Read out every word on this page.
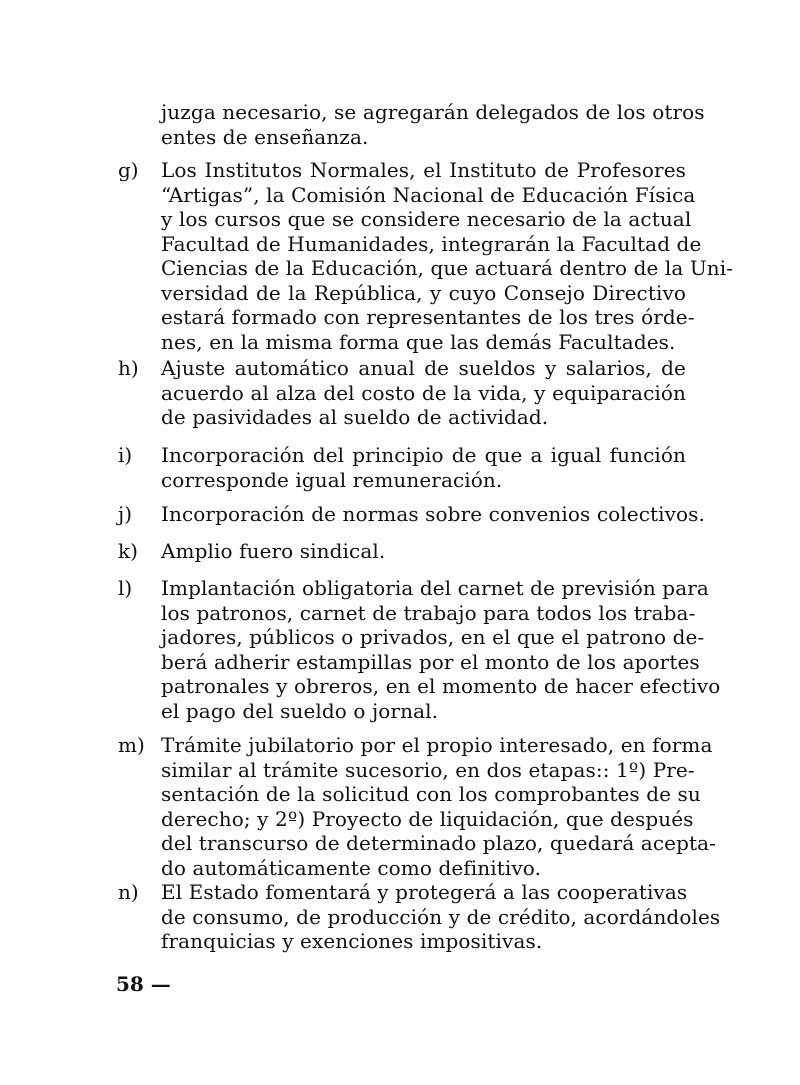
juzga necesario, se agregarán delegados de los otros
entes de enseñanza.
g) Los Institutos Normales, el Instituto de Profesores
“Artigas”, la Comisión Nacional de Educación Física
y los cursos que se considere necesario de la actual
Facultad de Humanidades, integrarán la Facultad de
Ciencias de la Educación, que actuará dentro de la Uni-
versidad de la República, y cuyo Consejo Directivo
estará formado con representantes de los tres órde-
nes, en la misma forma que las demás Facultades.
h) Ajuste automático anual de sueldos y salarios, de
acuerdo al alza del costo de la vida, y equiparación
de pasividades al sueldo de actividad.
i) Incorporación del principio de que a igual función
corresponde igual remuneración.
j) Incorporación de normas sobre convenios colectivos.
k) Amplio fuero sindical.
l) Implantación obligatoria del carnet de previsión para
los patronos, carnet de trabajo para todos los traba-
jadores, públicos o privados, en el que el patrono de-
berá adherir estampillas por el monto de los aportes
patronales y obreros, en el momento de hacer efectivo
el pago del sueldo o jornal.
m) Trámite jubilatorio por el propio interesado, en forma
similar al trámite sucesorio, en dos etapas:: 1º) Pre-
sentación de la solicitud con los comprobantes de su
derecho; y 2º) Proyecto de liquidación, que después
del transcurso de determinado plazo, quedará acepta-
do automáticamente como definitivo.
n) El Estado fomentará y protegerá a las cooperativas
de consumo, de producción y de crédito, acordándoles
franquicias y exenciones impositivas.
58 —
